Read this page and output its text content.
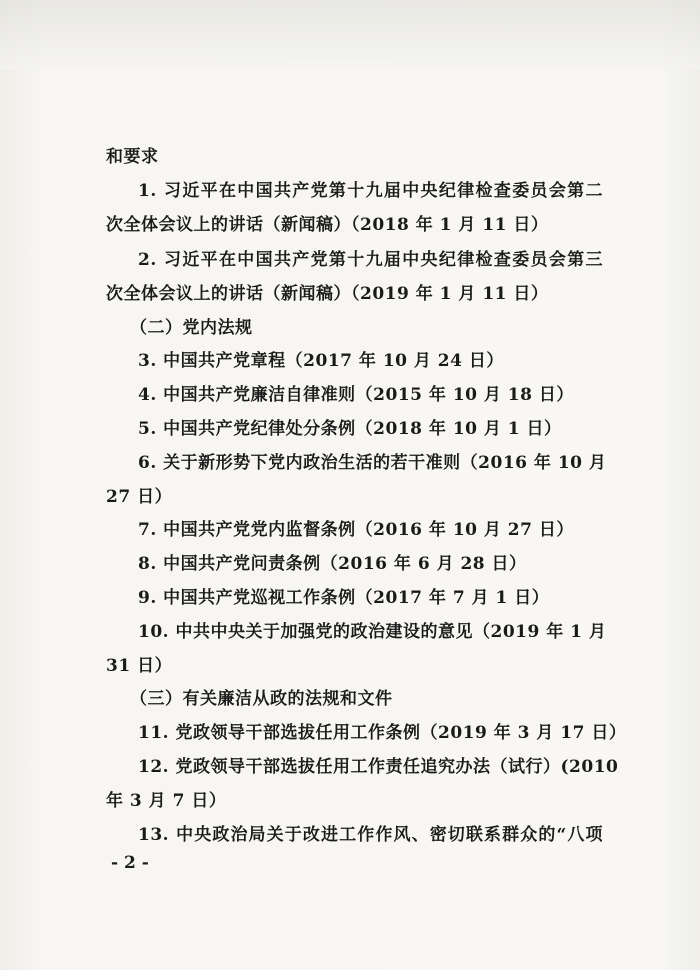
和要求
1. 习近平在中国共产党第十九届中央纪律检查委员会第二
次全体会议上的讲话（新闻稿）（2018 年 1 月 11 日）
2. 习近平在中国共产党第十九届中央纪律检查委员会第三
次全体会议上的讲话（新闻稿）（2019 年 1 月 11 日）
（二）党内法规
3. 中国共产党章程（2017 年 10 月 24 日）
4. 中国共产党廉洁自律准则（2015 年 10 月 18 日）
5. 中国共产党纪律处分条例（2018 年 10 月 1 日）
6. 关于新形势下党内政治生活的若干准则（2016 年 10 月
27 日）
7. 中国共产党党内监督条例（2016 年 10 月 27 日）
8. 中国共产党问责条例（2016 年 6 月 28 日）
9. 中国共产党巡视工作条例（2017 年 7 月 1 日）
10. 中共中央关于加强党的政治建设的意见（2019 年 1 月
31 日）
（三）有关廉洁从政的法规和文件
11. 党政领导干部选拔任用工作条例（2019 年 3 月 17 日）
12. 党政领导干部选拔任用工作责任追究办法（试行）(2010
年 3 月 7 日）
13. 中央政治局关于改进工作作风、密切联系群众的“八项
- 2 -
